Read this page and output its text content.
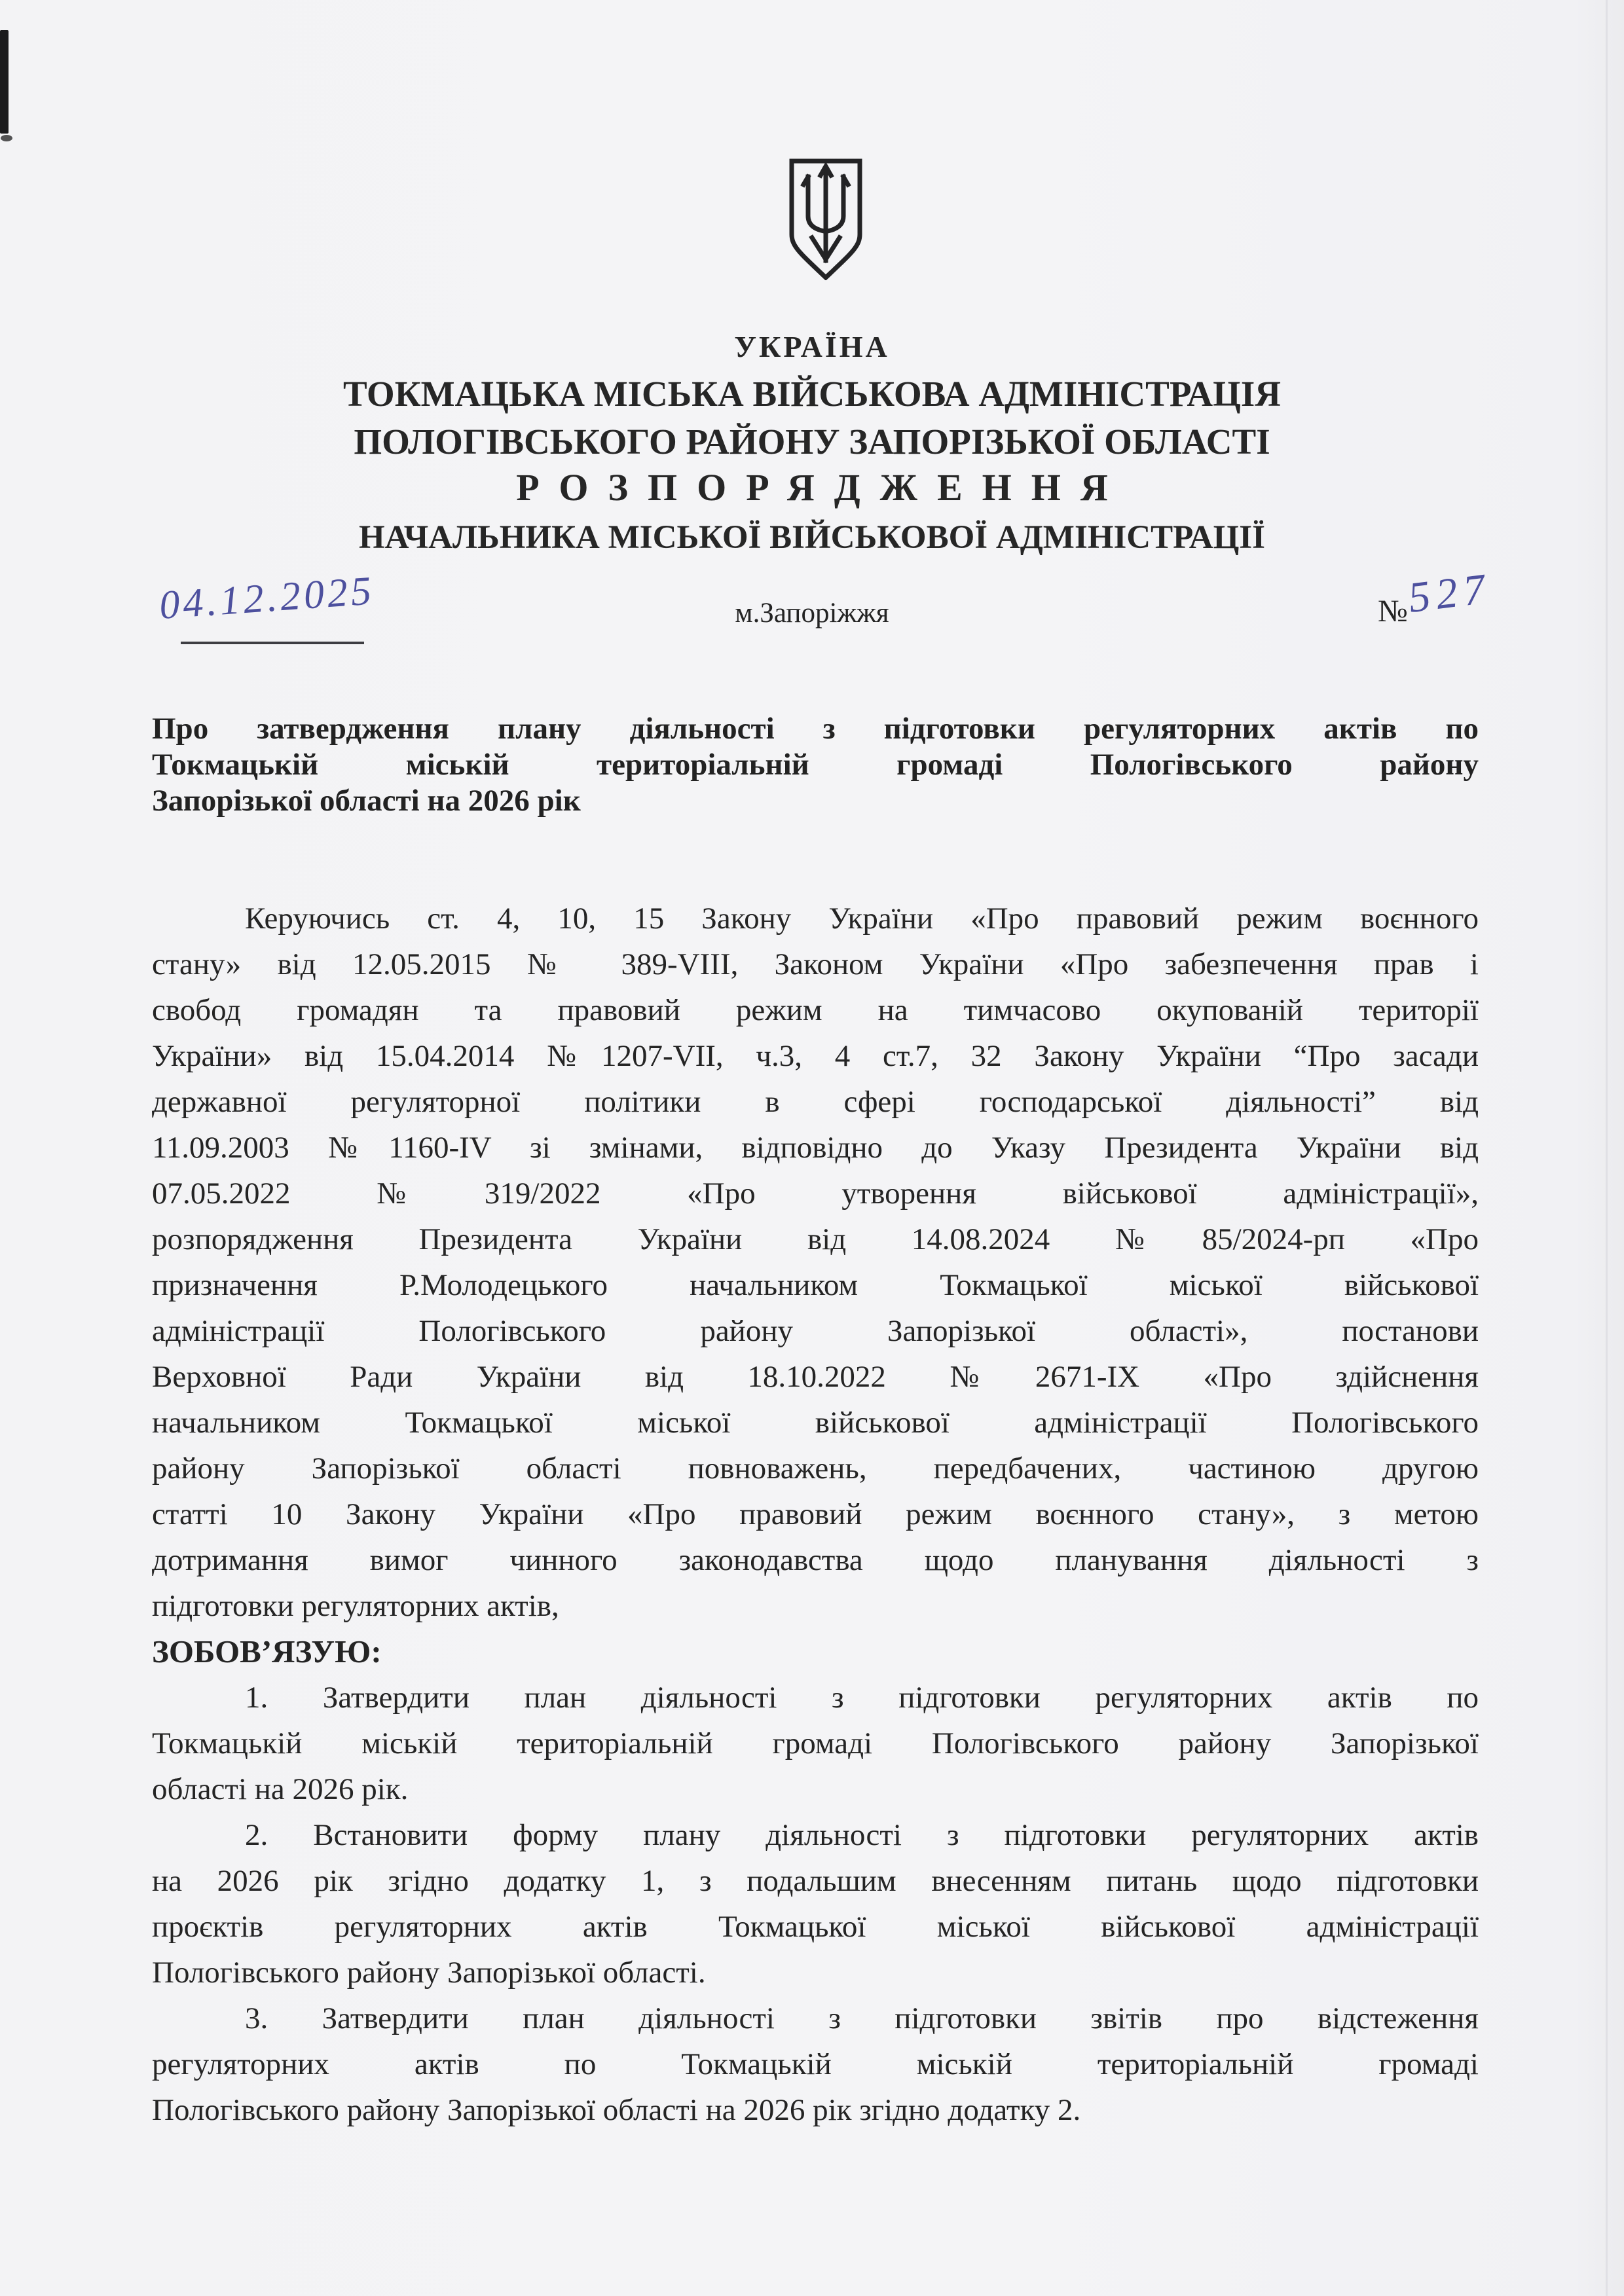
УКРАЇНА
ТОКМАЦЬКА МІСЬКА ВІЙСЬКОВА АДМІНІСТРАЦІЯ
ПОЛОГІВСЬКОГО РАЙОНУ ЗАПОРІЗЬКОЇ ОБЛАСТІ
РОЗПОРЯДЖЕННЯ
НАЧАЛЬНИКА МІСЬКОЇ ВІЙСЬКОВОЇ АДМІНІСТРАЦІЇ
04.12.2025	м.Запоріжжя	№
527
Про затвердження плану діяльності з підготовки регуляторних актів по
Токмацькій міській територіальній громаді Пологівського району
Запорізької області на 2026 рік
Керуючись ст. 4, 10, 15 Закону України «Про правовий режим воєнного
стану» від 12.05.2015 № 389-VIII, Законом України «Про забезпечення прав і
свобод громадян та правовий режим на тимчасово окупованій території
України» від 15.04.2014 №1207-VII, ч.3, 4 ст.7, 32 Закону України “Про засади
державної регуляторної політики в сфері господарської діяльності” від
11.09.2003 №1160-IV зі змінами, відповідно до Указу Президента України від
07.05.2022 №319/2022 «Про утворення військової адміністрації»,
розпорядження Президента України від 14.08.2024 №85/2024-рп «Про
призначення Р.Молодецького начальником Токмацької міської військової
адміністрації Пологівського району Запорізької області», постанови
Верховної Ради України від 18.10.2022 №2671-ІХ «Про здійснення
начальником Токмацької міської військової адміністрації Пологівського
району Запорізької області повноважень, передбачених, частиною другою
статті 10 Закону України «Про правовий режим воєнного стану», з метою
дотримання вимог чинного законодавства щодо планування діяльності з
підготовки регуляторних актів,
ЗОБОВ’ЯЗУЮ:
1. Затвердити план діяльності з підготовки регуляторних актів по
Токмацькій міській територіальній громаді Пологівського району Запорізької
області на 2026 рік.
2. Встановити форму плану діяльності з підготовки регуляторних актів
на 2026 рік згідно додатку 1, з подальшим внесенням питань щодо підготовки
проєктів регуляторних актів Токмацької міської військової адміністрації
Пологівського району Запорізької області.
3. Затвердити план діяльності з підготовки звітів про відстеження
регуляторних актів по Токмацькій міській територіальній громаді
Пологівського району Запорізької області на 2026 рік згідно додатку 2.
